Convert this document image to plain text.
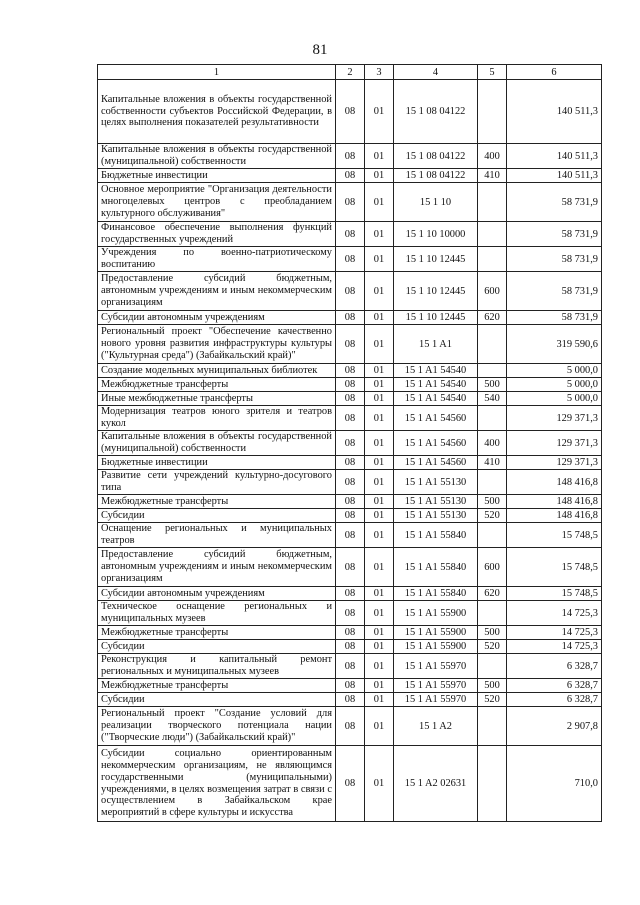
81
1	2	3	4	5	6
Капитальные вложения в объекты государственной собственности субъектов Российской Федерации, в целях выполнения показателей результативности	08	01	15 1 08 04122		140 511,3
Капитальные вложения в объекты государственной (муниципальной) собственности	08	01	15 1 08 04122	400	140 511,3
Бюджетные инвестиции	08	01	15 1 08 04122	410	140 511,3
Основное мероприятие "Организация деятельности многоцелевых центров с преобладанием культурного обслуживания"	08	01	15 1 10		58 731,9
Финансовое обеспечение выполнения функций государственных учреждений	08	01	15 1 10 10000		58 731,9
Учреждения по военно-патриотическому воспитанию	08	01	15 1 10 12445		58 731,9
Предоставление субсидий бюджетным, автономным учреждениям и иным некоммерческим организациям	08	01	15 1 10 12445	600	58 731,9
Субсидии автономным учреждениям	08	01	15 1 10 12445	620	58 731,9
Региональный проект "Обеспечение качественно нового уровня развития инфраструктуры культуры ("Культурная среда") (Забайкальский край)"	08	01	15 1 A1		319 590,6
Создание модельных муниципальных библиотек	08	01	15 1 A1 54540		5 000,0
Межбюджетные трансферты	08	01	15 1 A1 54540	500	5 000,0
Иные межбюджетные трансферты	08	01	15 1 A1 54540	540	5 000,0
Модернизация театров юного зрителя и театров кукол	08	01	15 1 A1 54560		129 371,3
Капитальные вложения в объекты государственной (муниципальной) собственности	08	01	15 1 A1 54560	400	129 371,3
Бюджетные инвестиции	08	01	15 1 A1 54560	410	129 371,3
Развитие сети учреждений культурно-досугового типа	08	01	15 1 A1 55130		148 416,8
Межбюджетные трансферты	08	01	15 1 A1 55130	500	148 416,8
Субсидии	08	01	15 1 A1 55130	520	148 416,8
Оснащение региональных и муниципальных театров	08	01	15 1 A1 55840		15 748,5
Предоставление субсидий бюджетным, автономным учреждениям и иным некоммерческим организациям	08	01	15 1 A1 55840	600	15 748,5
Субсидии автономным учреждениям	08	01	15 1 A1 55840	620	15 748,5
Техническое оснащение региональных и муниципальных музеев	08	01	15 1 A1 55900		14 725,3
Межбюджетные трансферты	08	01	15 1 A1 55900	500	14 725,3
Субсидии	08	01	15 1 A1 55900	520	14 725,3
Реконструкция и капитальный ремонт региональных и муниципальных музеев	08	01	15 1 A1 55970		6 328,7
Межбюджетные трансферты	08	01	15 1 A1 55970	500	6 328,7
Субсидии	08	01	15 1 A1 55970	520	6 328,7
Региональный проект "Создание условий для реализации творческого потенциала нации ("Творческие люди") (Забайкальский край)"	08	01	15 1 A2		2 907,8
Субсидии социально ориентированным некоммерческим организациям, не являющимся государственными (муниципальными) учреждениями, в целях возмещения затрат в связи с осуществлением в Забайкальском крае мероприятий в сфере культуры и искусства	08	01	15 1 A2 02631		710,0
